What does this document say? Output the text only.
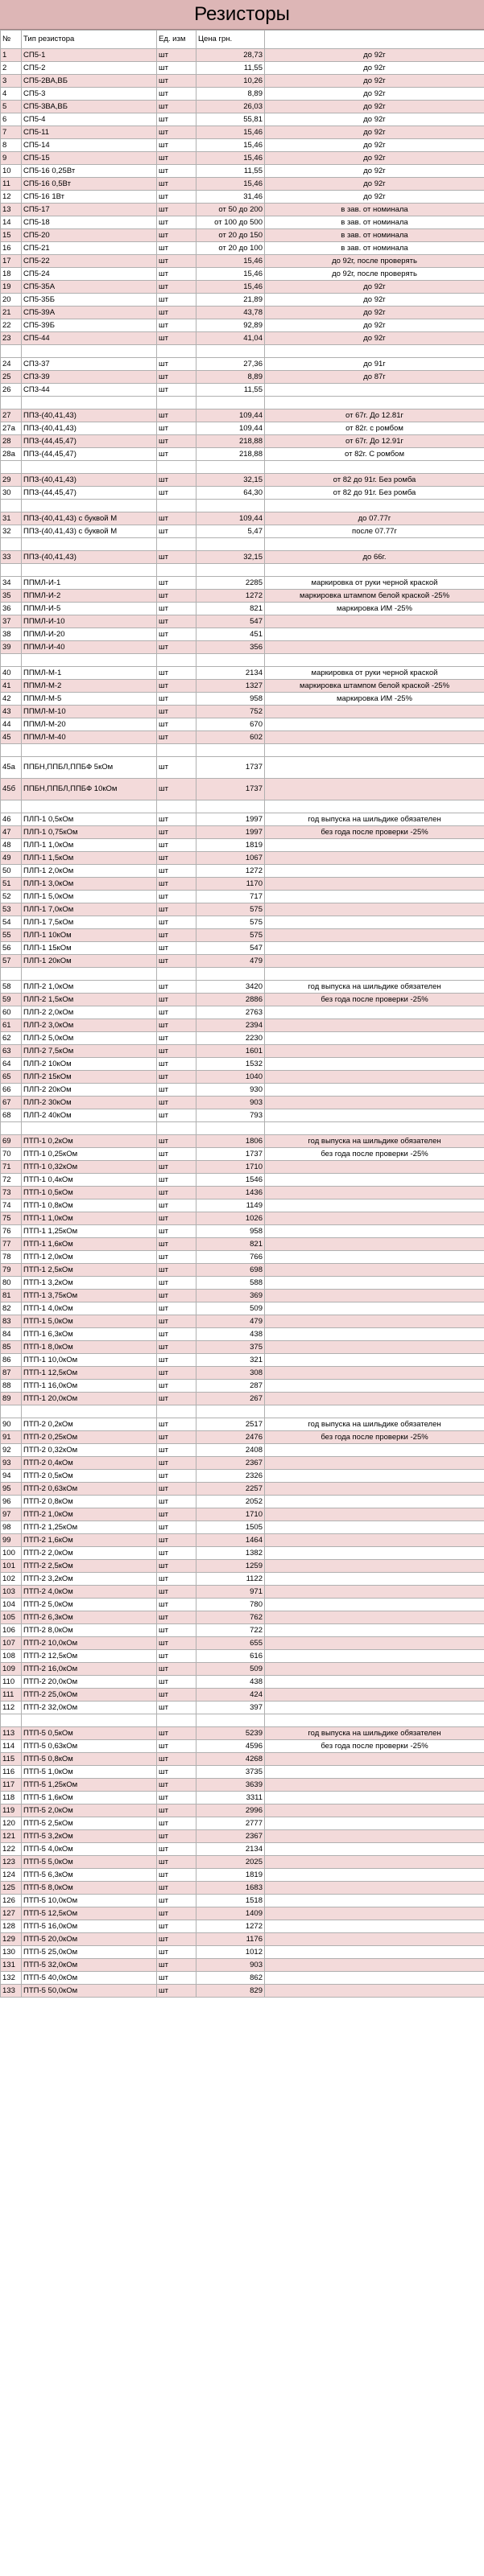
Резисторы
№	Тип резистора	Ед. изм	Цена грн.	
1	СП5-1	шт	28,73	до 92г
2	СП5-2	шт	11,55	до 92г
3	СП5-2ВА,ВБ	шт	10,26	до 92г
4	СП5-3	шт	8,89	до 92г
5	СП5-3ВА,ВБ	шт	26,03	до 92г
6	СП5-4	шт	55,81	до 92г
7	СП5-11	шт	15,46	до 92г
8	СП5-14	шт	15,46	до 92г
9	СП5-15	шт	15,46	до 92г
10	СП5-16 0,25Вт	шт	11,55	до 92г
11	СП5-16 0,5Вт	шт	15,46	до 92г
12	СП5-16 1Вт	шт	31,46	до 92г
13	СП5-17	шт	от 50 до 200	в зав. от номинала
14	СП5-18	шт	от 100 до 500	в зав. от номинала
15	СП5-20	шт	от 20 до 150	в зав. от номинала
16	СП5-21	шт	от 20 до 100	в зав. от номинала
17	СП5-22	шт	15,46	до 92г, после проверять
18	СП5-24	шт	15,46	до 92г, после проверять
19	СП5-35А	шт	15,46	до 92г
20	СП5-35Б	шт	21,89	до 92г
21	СП5-39А	шт	43,78	до 92г
22	СП5-39Б	шт	92,89	до 92г
23	СП5-44	шт	41,04	до 92г

24	СП3-37	шт	27,36	до 91г
25	СП3-39	шт	8,89	до 87г
26	СП3-44	шт	11,55	

27	ППЗ-(40,41,43)	шт	109,44	от 67г. До 12.81г
27а	ППЗ-(40,41,43)	шт	109,44	от 82г. с ромбом
28	ППЗ-(44,45,47)	шт	218,88	от 67г. До 12.91г
28а	ППЗ-(44,45,47)	шт	218,88	от 82г. С ромбом

29	ППЗ-(40,41,43)	шт	32,15	от 82 до 91г. Без ромба
30	ППЗ-(44,45,47)	шт	64,30	от 82 до 91г. Без ромба

31	ППЗ-(40,41,43) с буквой М	шт	109,44	до 07.77г
32	ППЗ-(40,41,43) с буквой М	шт	5,47	после 07.77г

33	ППЗ-(40,41,43)	шт	32,15	до 66г.

34	ППМЛ-И-1	шт	2285	маркировка от руки черной краской
35	ППМЛ-И-2	шт	1272	маркировка штампом белой краской -25%
36	ППМЛ-И-5	шт	821	маркировка ИМ -25%
37	ППМЛ-И-10	шт	547	
38	ППМЛ-И-20	шт	451	
39	ППМЛ-И-40	шт	356	

40	ППМЛ-М-1	шт	2134	маркировка от руки черной краской
41	ППМЛ-М-2	шт	1327	маркировка штампом белой краской -25%
42	ППМЛ-М-5	шт	958	маркировка ИМ -25%
43	ППМЛ-М-10	шт	752	
44	ППМЛ-М-20	шт	670	
45	ППМЛ-М-40	шт	602	

45а	ППБН,ППБЛ,ППБФ 5кОм	шт	1737	
45б	ППБН,ППБЛ,ППБФ 10кОм	шт	1737	

46	ПЛП-1 0,5кОм	шт	1997	год выпуска на шильдике обязателен
47	ПЛП-1 0,75кОм	шт	1997	без года после проверки -25%
48	ПЛП-1 1,0кОм	шт	1819	
49	ПЛП-1 1,5кОм	шт	1067	
50	ПЛП-1 2,0кОм	шт	1272	
51	ПЛП-1 3,0кОм	шт	1170	
52	ПЛП-1 5,0кОм	шт	717	
53	ПЛП-1 7,0кОм	шт	575	
54	ПЛП-1 7,5кОм	шт	575	
55	ПЛП-1 10кОм	шт	575	
56	ПЛП-1 15кОм	шт	547	
57	ПЛП-1 20кОм	шт	479	

58	ПЛП-2 1,0кОм	шт	3420	год выпуска на шильдике обязателен
59	ПЛП-2 1,5кОм	шт	2886	без года после проверки -25%
60	ПЛП-2 2,0кОм	шт	2763	
61	ПЛП-2 3,0кОм	шт	2394	
62	ПЛП-2 5,0кОм	шт	2230	
63	ПЛП-2 7,5кОм	шт	1601	
64	ПЛП-2 10кОм	шт	1532	
65	ПЛП-2 15кОм	шт	1040	
66	ПЛП-2 20кОм	шт	930	
67	ПЛП-2 30кОм	шт	903	
68	ПЛП-2 40кОм	шт	793	

69	ПТП-1 0,2кОм	шт	1806	год выпуска на шильдике обязателен
70	ПТП-1 0,25кОм	шт	1737	без года после проверки -25%
71	ПТП-1 0,32кОм	шт	1710	
72	ПТП-1 0,4кОм	шт	1546	
73	ПТП-1 0,5кОм	шт	1436	
74	ПТП-1 0,8кОм	шт	1149	
75	ПТП-1 1,0кОм	шт	1026	
76	ПТП-1 1,25кОм	шт	958	
77	ПТП-1 1,6кОм	шт	821	
78	ПТП-1 2,0кОм	шт	766	
79	ПТП-1 2,5кОм	шт	698	
80	ПТП-1 3,2кОм	шт	588	
81	ПТП-1 3,75кОм	шт	369	
82	ПТП-1 4,0кОм	шт	509	
83	ПТП-1 5,0кОм	шт	479	
84	ПТП-1 6,3кОм	шт	438	
85	ПТП-1 8,0кОм	шт	375	
86	ПТП-1 10,0кОм	шт	321	
87	ПТП-1 12,5кОм	шт	308	
88	ПТП-1 16,0кОм	шт	287	
89	ПТП-1 20,0кОм	шт	267	

90	ПТП-2 0,2кОм	шт	2517	год выпуска на шильдике обязателен
91	ПТП-2 0,25кОм	шт	2476	без года после проверки -25%
92	ПТП-2 0,32кОм	шт	2408	
93	ПТП-2 0,4кОм	шт	2367	
94	ПТП-2 0,5кОм	шт	2326	
95	ПТП-2 0,63кОм	шт	2257	
96	ПТП-2 0,8кОм	шт	2052	
97	ПТП-2 1,0кОм	шт	1710	
98	ПТП-2 1,25кОм	шт	1505	
99	ПТП-2 1,6кОм	шт	1464	
100	ПТП-2 2,0кОм	шт	1382	
101	ПТП-2 2,5кОм	шт	1259	
102	ПТП-2 3,2кОм	шт	1122	
103	ПТП-2 4,0кОм	шт	971	
104	ПТП-2 5,0кОм	шт	780	
105	ПТП-2 6,3кОм	шт	762	
106	ПТП-2 8,0кОм	шт	722	
107	ПТП-2 10,0кОм	шт	655	
108	ПТП-2 12,5кОм	шт	616	
109	ПТП-2 16,0кОм	шт	509	
110	ПТП-2 20,0кОм	шт	438	
111	ПТП-2 25,0кОм	шт	424	
112	ПТП-2 32,0кОм	шт	397	

113	ПТП-5 0,5кОм	шт	5239	год выпуска на шильдике обязателен
114	ПТП-5 0,63кОм	шт	4596	без года после проверки -25%
115	ПТП-5 0,8кОм	шт	4268	
116	ПТП-5 1,0кОм	шт	3735	
117	ПТП-5 1,25кОм	шт	3639	
118	ПТП-5 1,6кОм	шт	3311	
119	ПТП-5 2,0кОм	шт	2996	
120	ПТП-5 2,5кОм	шт	2777	
121	ПТП-5 3,2кОм	шт	2367	
122	ПТП-5 4,0кОм	шт	2134	
123	ПТП-5 5,0кОм	шт	2025	
124	ПТП-5 6,3кОм	шт	1819	
125	ПТП-5 8,0кОм	шт	1683	
126	ПТП-5 10,0кОм	шт	1518	
127	ПТП-5 12,5кОм	шт	1409	
128	ПТП-5 16,0кОм	шт	1272	
129	ПТП-5 20,0кОм	шт	1176	
130	ПТП-5 25,0кОм	шт	1012	
131	ПТП-5 32,0кОм	шт	903	
132	ПТП-5 40,0кОм	шт	862	
133	ПТП-5 50,0кОм	шт	829	
